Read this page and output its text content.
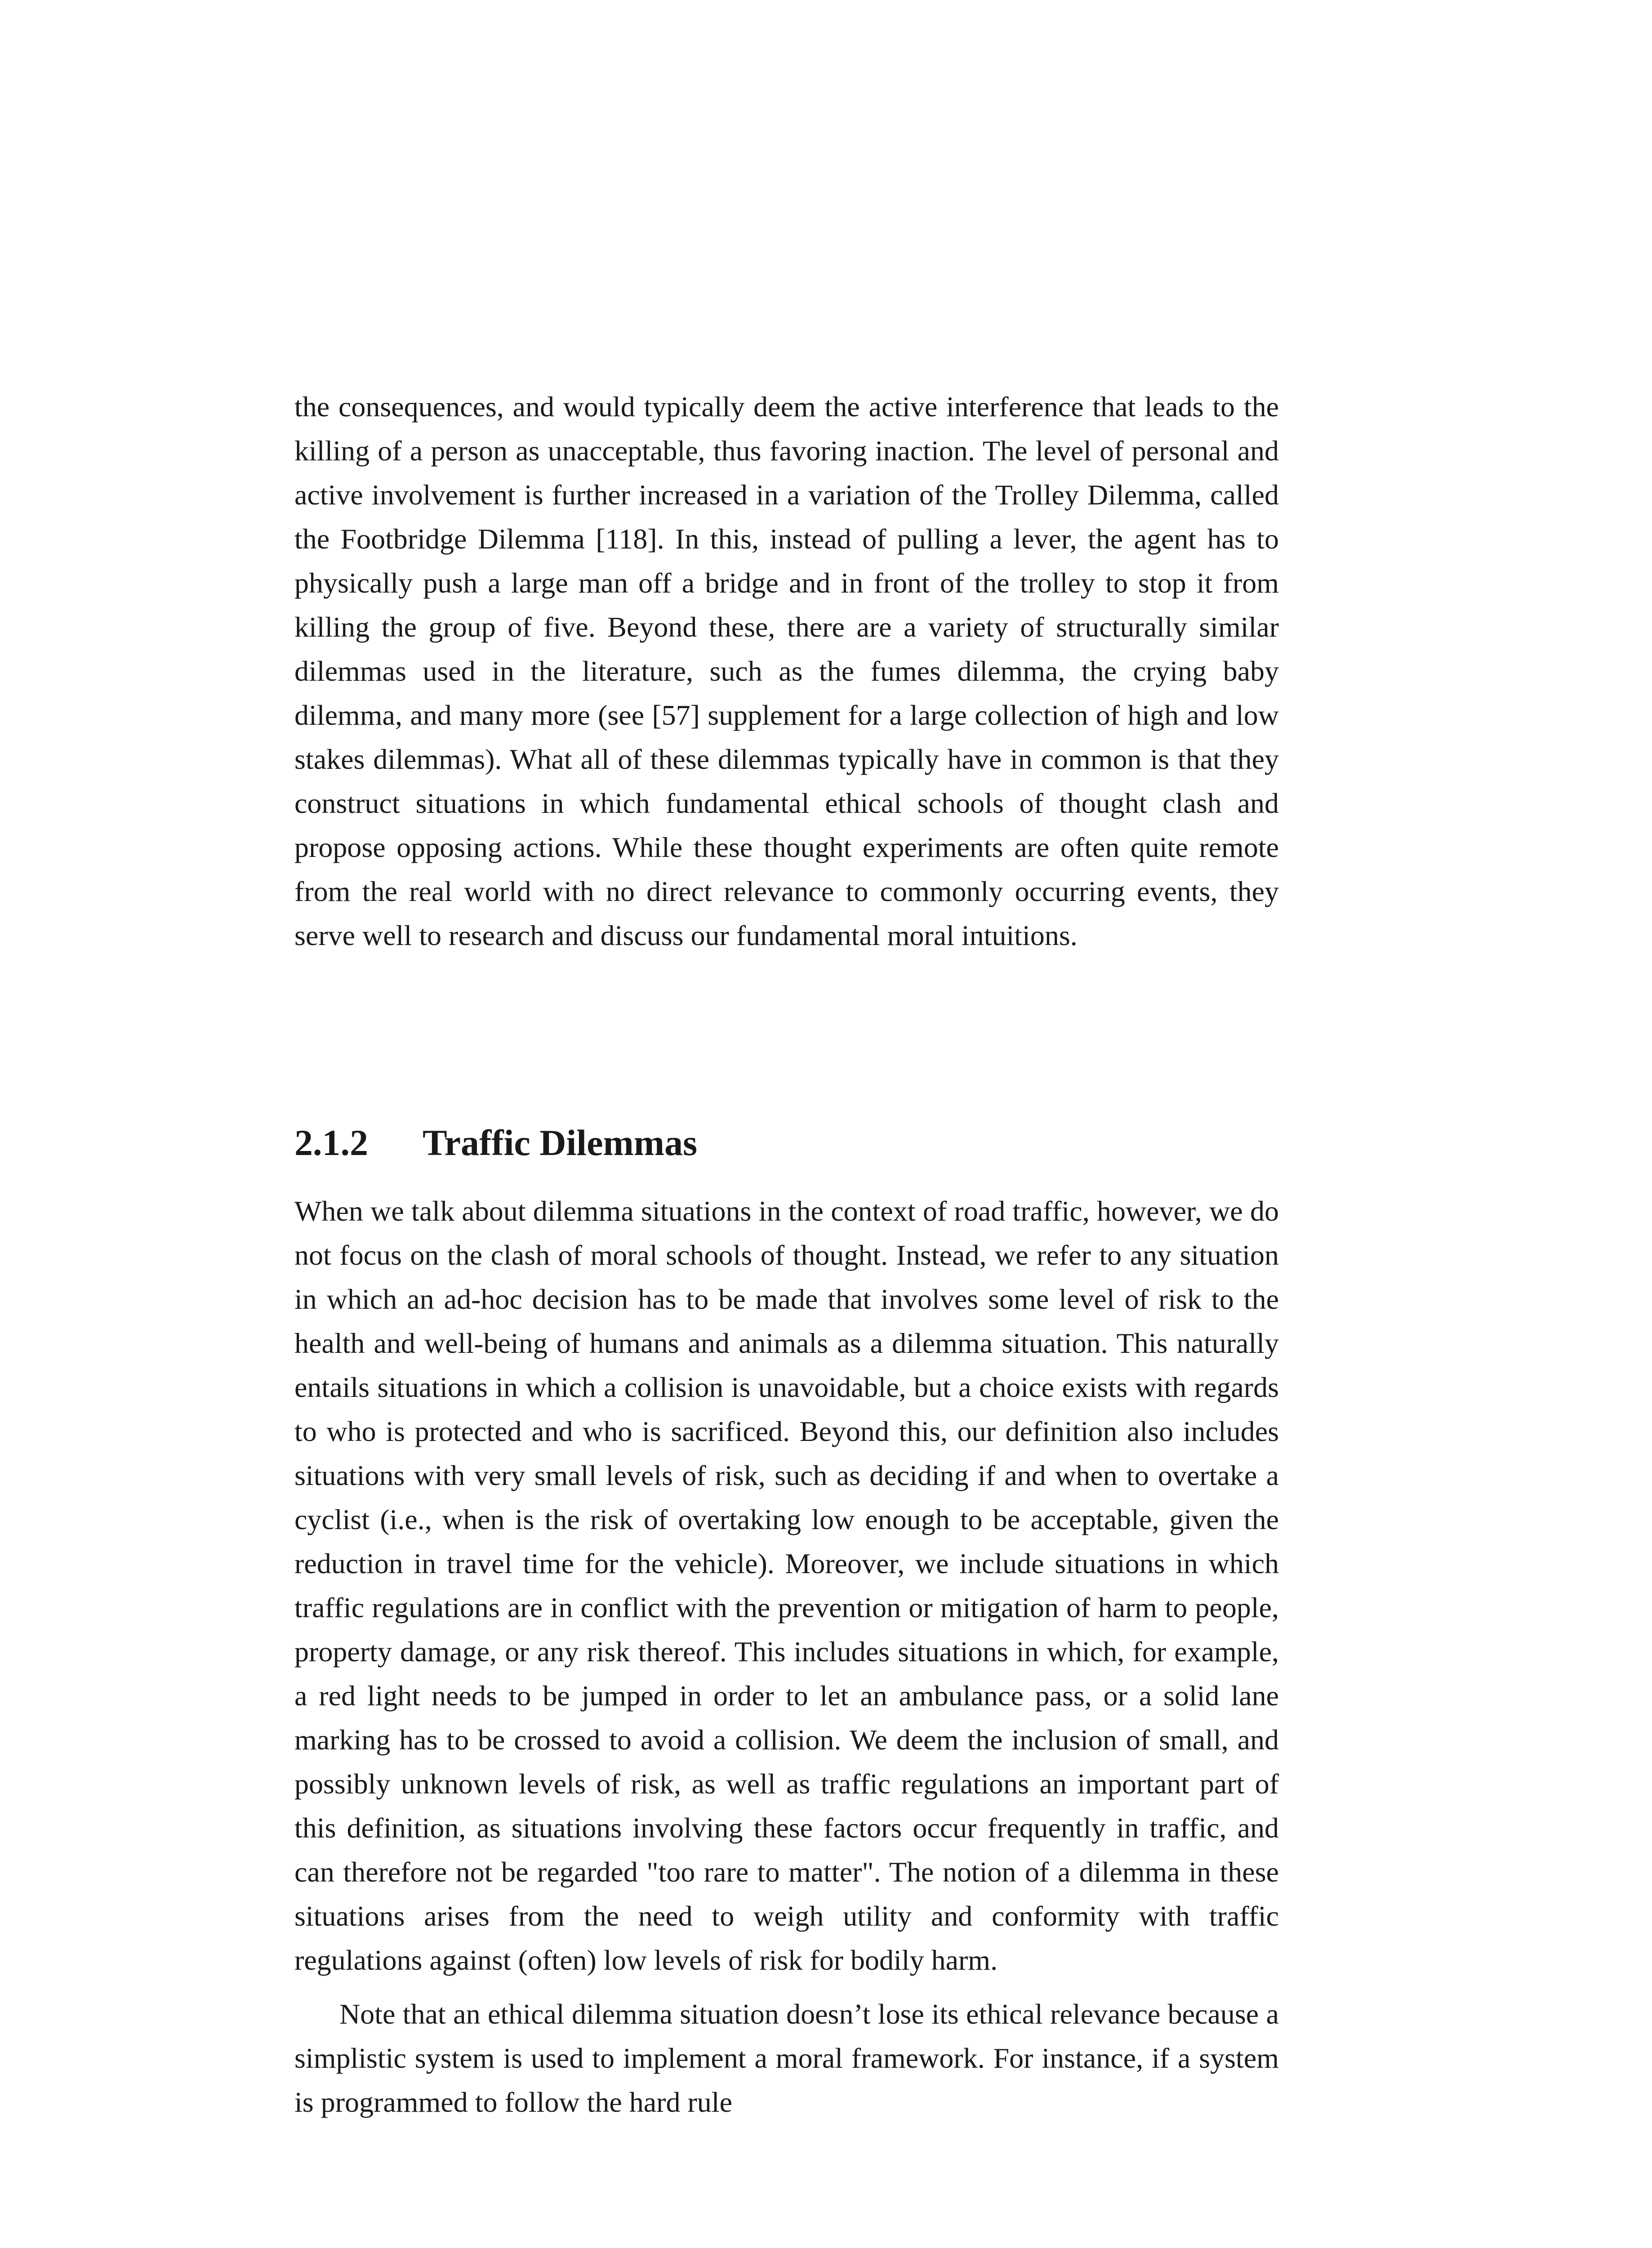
the consequences, and would typically deem the active interference that leads to the killing of a person as unacceptable, thus favoring inaction. The level of personal and active involvement is further increased in a variation of the Trolley Dilemma, called the Footbridge Dilemma [118]. In this, instead of pulling a lever, the agent has to physically push a large man off a bridge and in front of the trolley to stop it from killing the group of five. Beyond these, there are a variety of structurally similar dilemmas used in the literature, such as the fumes dilemma, the crying baby dilemma, and many more (see [57] supplement for a large collection of high and low stakes dilemmas). What all of these dilemmas typically have in common is that they construct situations in which fundamental ethical schools of thought clash and propose opposing actions. While these thought experiments are often quite remote from the real world with no direct relevance to commonly occurring events, they serve well to research and discuss our fundamental moral intuitions.

2.1.2 Traffic Dilemmas

When we talk about dilemma situations in the context of road traffic, however, we do not focus on the clash of moral schools of thought. Instead, we refer to any situation in which an ad-hoc decision has to be made that involves some level of risk to the health and well-being of humans and animals as a dilemma situation. This naturally entails situations in which a collision is unavoidable, but a choice exists with regards to who is protected and who is sacrificed. Beyond this, our definition also includes situations with very small levels of risk, such as deciding if and when to overtake a cyclist (i.e., when is the risk of overtaking low enough to be acceptable, given the reduction in travel time for the vehicle). Moreover, we include situations in which traffic regulations are in conflict with the prevention or mitigation of harm to people, property damage, or any risk thereof. This includes situations in which, for example, a red light needs to be jumped in order to let an ambulance pass, or a solid lane marking has to be crossed to avoid a collision. We deem the inclusion of small, and possibly unknown levels of risk, as well as traffic regulations an important part of this definition, as situations involving these factors occur frequently in traffic, and can therefore not be regarded "too rare to matter". The notion of a dilemma in these situations arises from the need to weigh utility and conformity with traffic regulations against (often) low levels of risk for bodily harm.

Note that an ethical dilemma situation doesn’t lose its ethical relevance because a simplistic system is used to implement a moral framework. For instance, if a system is programmed to follow the hard rule
